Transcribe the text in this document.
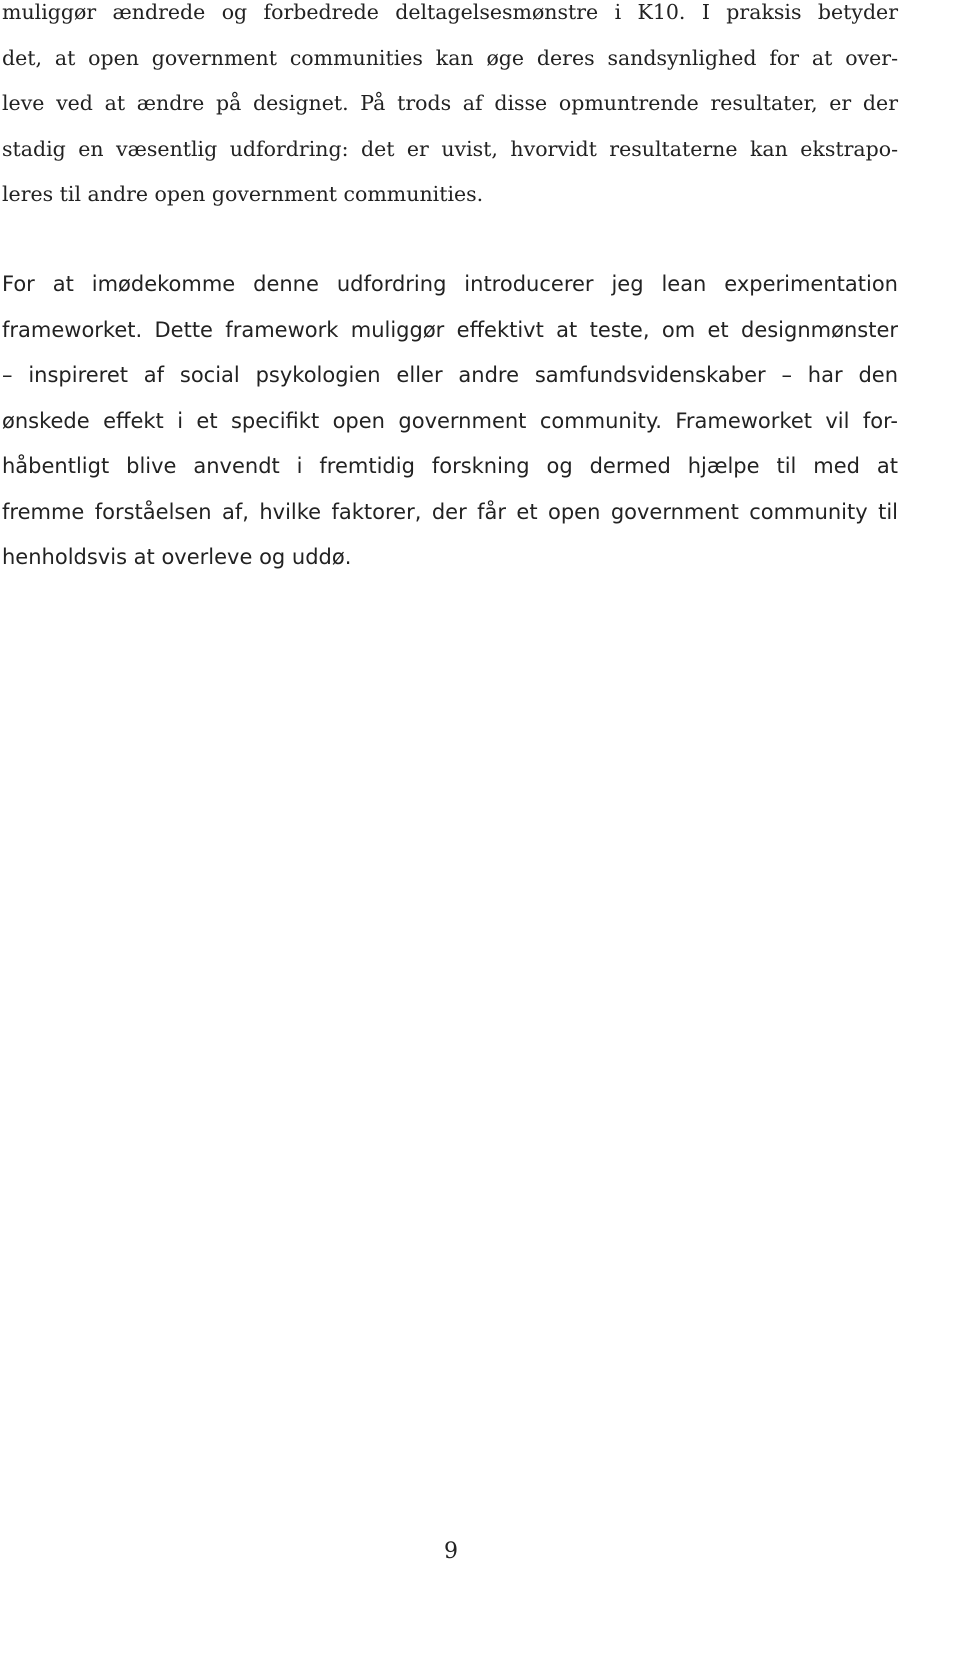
muliggør ændrede og forbedrede deltagelsesmønstre i K10. I praksis betyder
det, at open government communities kan øge deres sandsynlighed for at over-
leve ved at ændre på designet. På trods af disse opmuntrende resultater, er der
stadig en væsentlig udfordring: det er uvist, hvorvidt resultaterne kan ekstrapo-
leres til andre open government communities.

For at imødekomme denne udfordring introducerer jeg lean experimentation
frameworket. Dette framework muliggør effektivt at teste, om et designmønster
– inspireret af social psykologien eller andre samfundsvidenskaber – har den
ønskede effekt i et specifikt open government community. Frameworket vil for-
håbentligt blive anvendt i fremtidig forskning og dermed hjælpe til med at
fremme forståelsen af, hvilke faktorer, der får et open government community til
henholdsvis at overleve og uddø.

9
